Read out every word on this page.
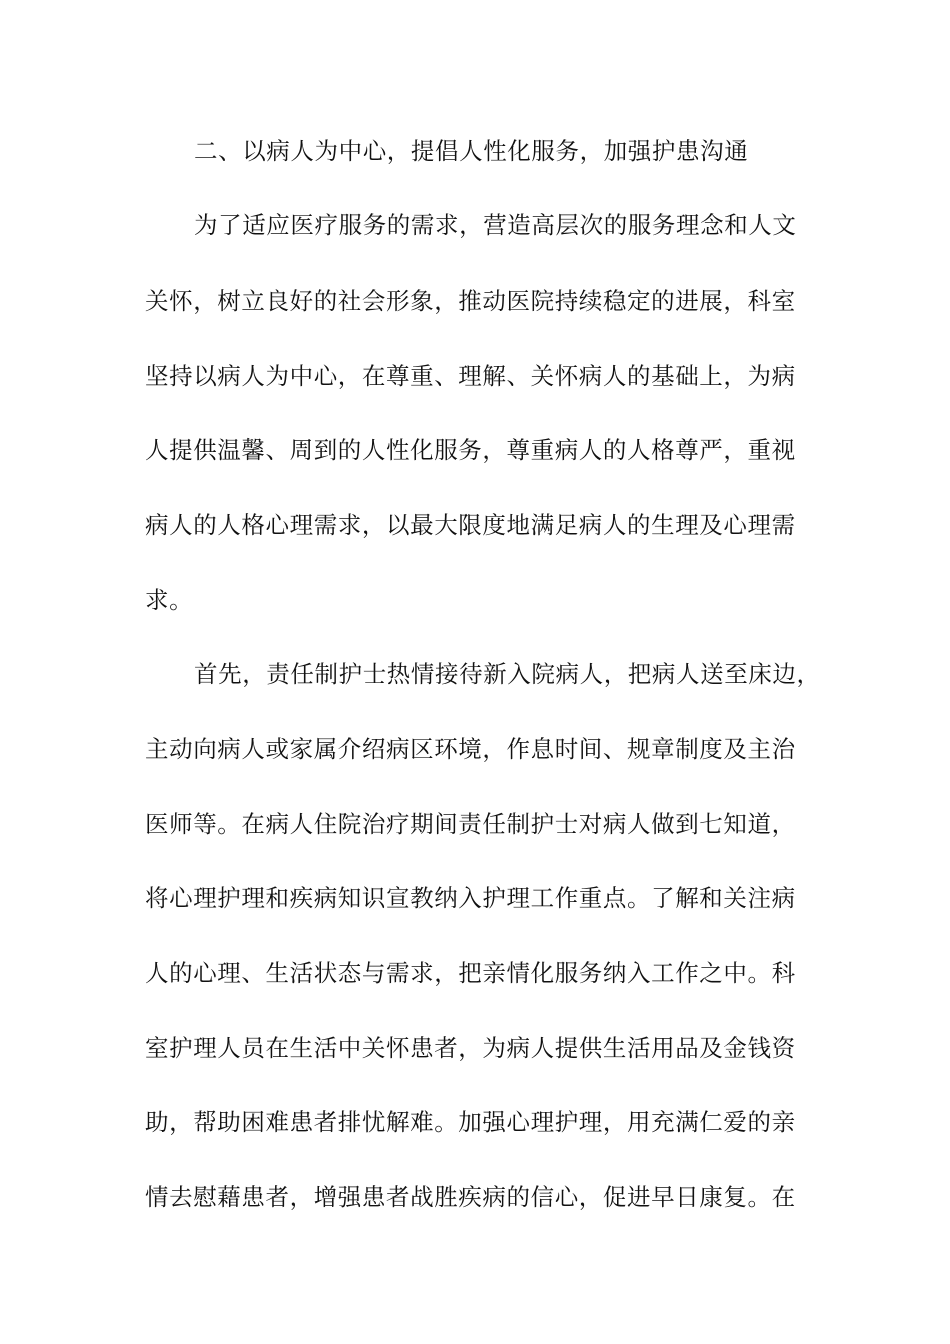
二、以病人为中心，提倡人性化服务，加强护患沟通
为了适应医疗服务的需求，营造高层次的服务理念和人文
关怀，树立良好的社会形象，推动医院持续稳定的进展，科室
坚持以病人为中心，在尊重、理解、关怀病人的基础上，为病
人提供温馨、周到的人性化服务，尊重病人的人格尊严，重视
病人的人格心理需求，以最大限度地满足病人的生理及心理需
求。
首先，责任制护士热情接待新入院病人，把病人送至床边，
主动向病人或家属介绍病区环境，作息时间、规章制度及主治
医师等。在病人住院治疗期间责任制护士对病人做到七知道，
将心理护理和疾病知识宣教纳入护理工作重点。了解和关注病
人的心理、生活状态与需求，把亲情化服务纳入工作之中。科
室护理人员在生活中关怀患者，为病人提供生活用品及金钱资
助，帮助困难患者排忧解难。加强心理护理，用充满仁爱的亲
情去慰藉患者，增强患者战胜疾病的信心，促进早日康复。在
